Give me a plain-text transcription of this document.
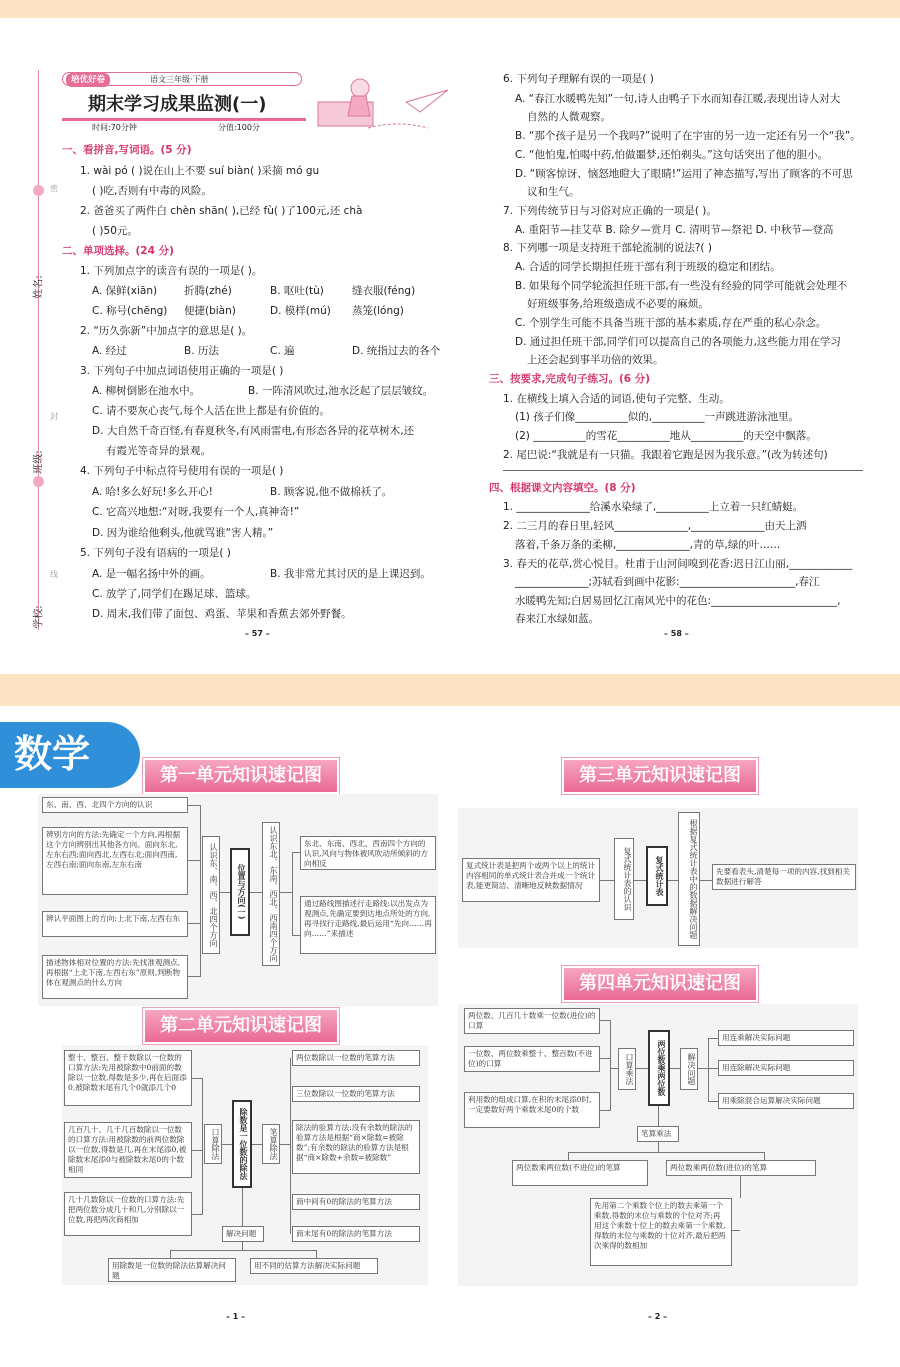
姓名:
班级:
学校:
密
封
线
培优好卷	语文三年级·下册
期末学习成果监测(一)
时间:70分钟	分值:100分
一、看拼音,写词语。(5 分)
1. wài pó ( )说在山上不要 suí biàn( )采摘 mó gu
( )吃,否则有中毒的风险。
2. 爸爸买了两件白 chèn shān( ),已经 fù( )了100元,还 chà
( )50元。
二、单项选择。(24 分)
1. 下列加点字的读音有误的一项是( )。
A. 保鲜(xiān)	折腾(zhé)	B. 呕吐(tù)	缝衣服(féng)
C. 称号(chēng) 便捷(biàn)	D. 模样(mú) 蒸笼(lóng)
2. “历久弥新”中加点字的意思是( )。
A. 经过	B. 历法	C. 遍	D. 统指过去的各个
3. 下列句子中加点词语使用正确的一项是( )
A. 柳树倒影在池水中。	B. 一阵清风吹过,池水泛起了层层皱纹。
C. 请不要灰心丧气,每个人活在世上都是有价值的。
D. 大自然千奇百怪,有春夏秋冬,有风雨雷电,有形态各异的花草树木,还
有霞光等奇异的景观。
4. 下列句子中标点符号使用有误的一项是( )
A. 哈!多么好玩!多么开心!	B. 顾客说,他不做棉袄了。
C. 它高兴地想:“对呀,我要有一个人,真神奇!”
D. 因为谁给他剩头,他就骂谁“害人精。”
5. 下列句子没有语病的一项是( )
A. 是一幅名扬中外的画。	B. 我非常尤其讨厌的是上课迟到。
C. 放学了,同学们在踢足球、篮球。
D. 周末,我们带了面包、鸡蛋、苹果和香蕉去郊外野餐。
– 57 –
6. 下列句子理解有误的一项是( )
A. “春江水暖鸭先知”一句,诗人由鸭子下水而知春江暖,表现出诗人对大
自然的人微观察。
B. “那个孩子是另一个我吗?”说明了在宇宙的另一边一定还有另一个“我”。
C. “他怕鬼,怕喝中药,怕做噩梦,还怕剃头。”这句话突出了他的胆小。
D. “顾客惊讶、恼怒地瞪大了眼睛!”运用了神态描写,写出了顾客的不可思
议和生气。
7. 下列传统节日与习俗对应正确的一项是( )。
A. 重阳节—挂艾草 B. 除夕—赏月 C. 清明节—祭祀 D. 中秋节—登高
8. 下列哪一项是支持班干部轮流制的说法?( )
A. 合适的同学长期担任班干部有利于班级的稳定和团结。
B. 如果每个同学轮流担任班干部,有一些没有经验的同学可能就会处理不
好班级事务,给班级造成不必要的麻烦。
C. 个别学生可能不具备当班干部的基本素质,存在严重的私心杂念。
D. 通过担任班干部,同学们可以提高自己的各项能力,这些能力用在学习
上还会起到事半功倍的效果。
三、按要求,完成句子练习。(6 分)
1. 在横线上填入合适的词语,使句子完整、生动。
(1) 孩子们像__________似的,__________一声跳进游泳池里。
(2) __________的雪花__________地从__________的天空中飘落。
2. 尾巴说:“我就是有一只猫。我跟着它跑是因为我乐意。”(改为转述句)
四、根据课文内容填空。(8 分)
1. ______________给溪水染绿了,__________上立着一只红蜻蜓。
2. 二三月的春日里,轻风______________,______________由天上洒
落着,千条万条的柔柳,______________,青的草,绿的叶……
3. 春天的花草,赏心悦目。杜甫于山河间嗅到花香:迟日江山丽,____________
______________;苏轼看到画中花影:______________________,春江
水暖鸭先知;白居易回忆江南风光中的花色:________________________,
春来江水绿如蓝。
– 58 –
数学	第一单元知识速记图
第二单元知识速记图
第三单元知识速记图
第四单元知识速记图
东、南、西、北四个方向的认识
辨别方向的方法:先确定一个方向,再根据这个方向辨别出其他各方向。面向东北,左东右西;面向西北,左西右北;面向西南,左西右南;面向东南,左东右南
辨认平面图上的方向:上北下南,左西右东
描述物体相对位置的方法:先找准观测点,再根据“上北下南,左西右东”原则,判断物体在观测点的什么方向
认识东、南、西、北四个方向	位置与方向(一)	认识东北、东南、西北、西南四个方向	东北、东南、西北、西南四个方向的认识,风向与物体被风吹动所倾斜的方向相反
通过路线图描述行走路线:以出发点为观测点,先确定要到达地点所处的方向,再寻找行走路线,最后运用“先向……再向……”来描述
整十、整百、整千数除以一位数的口算方法:先用被除数中0前面的数除以一位数,得数是多少,再在后面添0,被除数末尾有几个0就添几个0
几百几十、几千几百数除以一位数的口算方法:用被除数的前两位数除以一位数,得数是几,再在末尾添0,被除数末尾添0与被除数末尾0的个数相同
几十几数除以一位数的口算方法:先把两位数分成几十和几,分别除以一位数,再把两次商相加
口算除法	除数是一位数的除法	笔算除法
两位数除以一位数的笔算方法
三位数除以一位数的笔算方法
除法的验算方法:没有余数的除法的验算方法是根据“商×除数=被除数”;有余数的除法的验算方法是根据“商×除数+余数=被除数”
商中间有0的除法的笔算方法
商末尾有0的除法的笔算方法
解决问题
用除数是一位数的除法估算解决问题
用不同的估算方法解决实际问题
– 1 –
复式统计表是把两个或两个以上的统计内容相同的单式统计表合并成一个统计表,能更简洁、清晰地反映数据情况	复式统计表的认识	复式统计表	根据复式统计表中的数据解决问题	先要看表头,清楚每一项的内容,找到相关数据进行解答
两位数、几百几十数乘一位数(进位)的口算
一位数、两位数乘整十、整百数(不进位)的口算
利用数的组成口算,在积的末尾添0时,一定要数好两个乘数末尾0的个数
口算乘法	两位数乘两位数	解决问题
用连乘解决实际问题
用连除解决实际问题
用乘除混合运算解决实际问题
笔算乘法
两位数乘两位数(不进位)的笔算	两位数乘两位数(进位)的笔算
先用第二个乘数个位上的数去乘第一个乘数,得数的末位与乘数的个位对齐;再用这个乘数十位上的数去乘第一个乘数,得数的末位与乘数的十位对齐,最后把两次乘得的数相加
– 2 –
